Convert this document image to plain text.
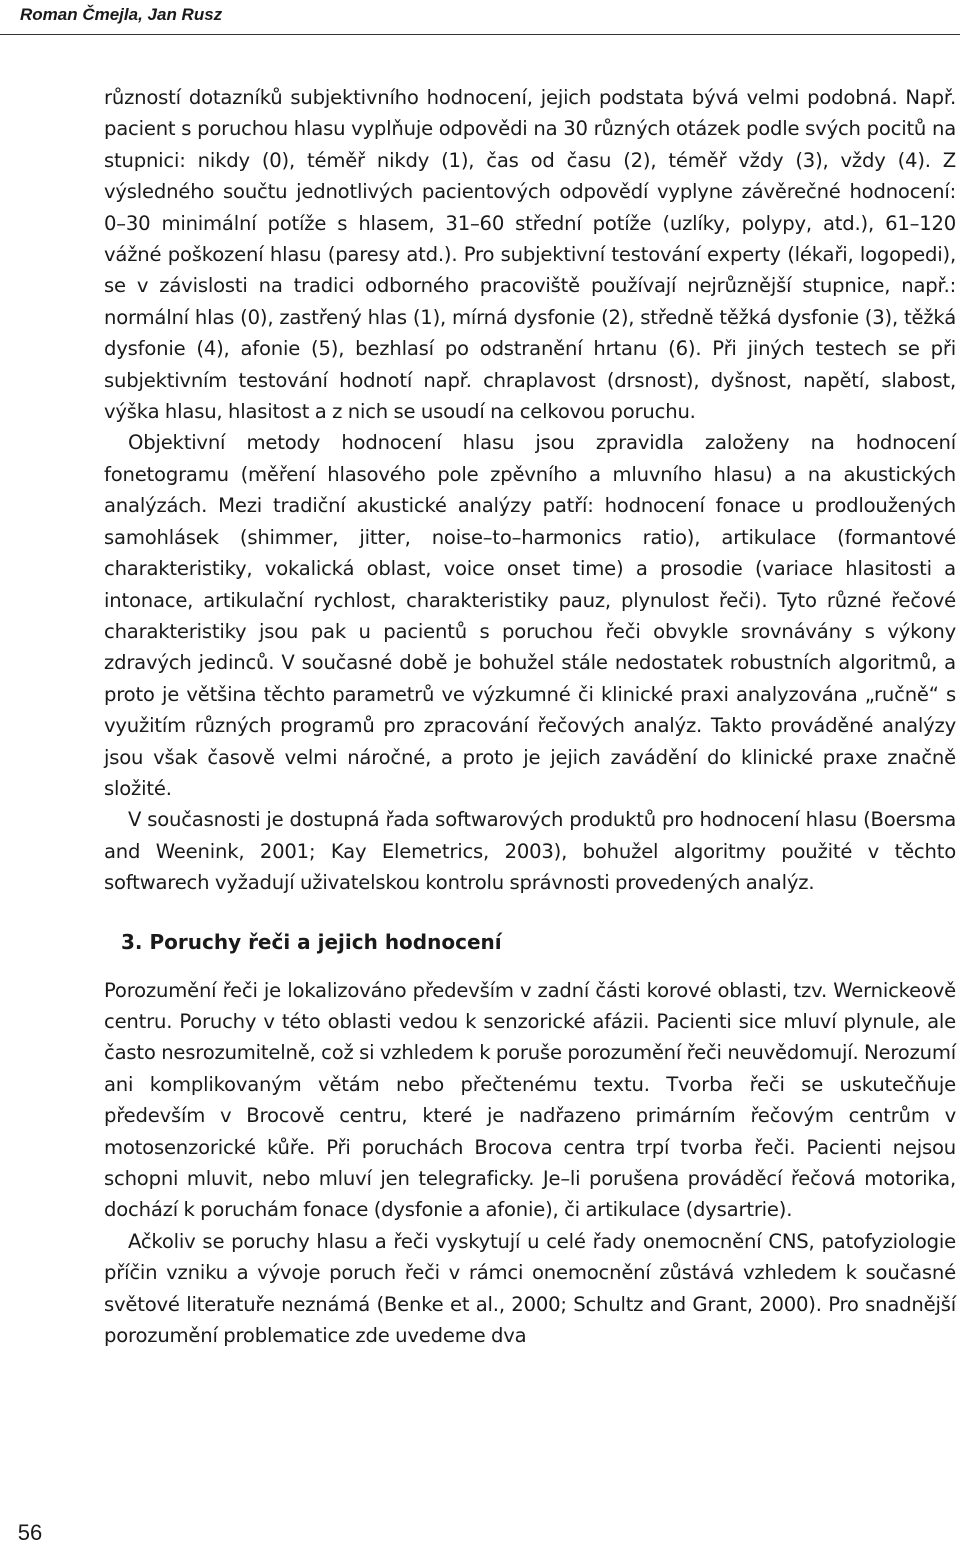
Roman Čmejla, Jan Rusz

růzností dotazníků subjektivního hodnocení, jejich podstata bývá velmi podobná. Např. pacient s poruchou hlasu vyplňuje odpovědi na 30 různých otázek podle svých pocitů na stupnici: nikdy (0), téměř nikdy (1), čas od času (2), téměř vždy (3), vždy (4). Z výsledného součtu jednotlivých pacientových odpovědí vyplyne závěrečné hodnocení: 0–30 minimální potíže s hlasem, 31–60 střední potíže (uzlíky, polypy, atd.), 61–120 vážné poškození hlasu (paresy atd.). Pro subjektivní testování experty (lékaři, logopedi), se v závislosti na tradici odborného pracoviště používají nejrůznější stupnice, např.: normální hlas (0), zastřený hlas (1), mírná dysfonie (2), středně těžká dysfonie (3), těžká dysfonie (4), afonie (5), bezhlasí po odstranění hrtanu (6). Při jiných testech se při subjektivním testování hodnotí např. chraplavost (drsnost), dyšnost, napětí, slabost, výška hlasu, hlasitost a z nich se usoudí na celkovou poruchu.

Objektivní metody hodnocení hlasu jsou zpravidla založeny na hodnocení fonetogramu (měření hlasového pole zpěvního a mluvního hlasu) a na akustických analýzách. Mezi tradiční akustické analýzy patří: hodnocení fonace u prodloužených samohlásek (shimmer, jitter, noise–to–harmonics ratio), artikulace (formantové charakteristiky, vokalická oblast, voice onset time) a prosodie (variace hlasitosti a intonace, artikulační rychlost, charakteristiky pauz, plynulost řeči). Tyto různé řečové charakteristiky jsou pak u pacientů s poruchou řeči obvykle srovnávány s výkony zdravých jedinců. V současné době je bohužel stále nedostatek robustních algoritmů, a proto je většina těchto parametrů ve výzkumné či klinické praxi analyzována „ručně“ s využitím různých programů pro zpracování řečových analýz. Takto prováděné analýzy jsou však časově velmi náročné, a proto je jejich zavádění do klinické praxe značně složité.

V současnosti je dostupná řada softwarových produktů pro hodnocení hlasu (Boersma and Weenink, 2001; Kay Elemetrics, 2003), bohužel algoritmy použité v těchto softwarech vyžadují uživatelskou kontrolu správnosti provedených analýz.

3. Poruchy řeči a jejich hodnocení

Porozumění řeči je lokalizováno především v zadní části korové oblasti, tzv. Wernickeově centru. Poruchy v této oblasti vedou k senzorické afázii. Pacienti sice mluví plynule, ale často nesrozumitelně, což si vzhledem k poruše porozumění řeči neuvědomují. Nerozumí ani komplikovaným větám nebo přečtenému textu. Tvorba řeči se uskutečňuje především v Brocově centru, které je nadřazeno primárním řečovým centrům v motosenzorické kůře. Při poruchách Brocova centra trpí tvorba řeči. Pacienti nejsou schopni mluvit, nebo mluví jen telegraficky. Je–li porušena prováděcí řečová motorika, dochází k poruchám fonace (dysfonie a afonie), či artikulace (dysartrie).

Ačkoliv se poruchy hlasu a řeči vyskytují u celé řady onemocnění CNS, patofyziologie příčin vzniku a vývoje poruch řeči v rámci onemocnění zůstává vzhledem k současné světové literatuře neznámá (Benke et al., 2000; Schultz and Grant, 2000). Pro snadnější porozumění problematice zde uvedeme dva

56
